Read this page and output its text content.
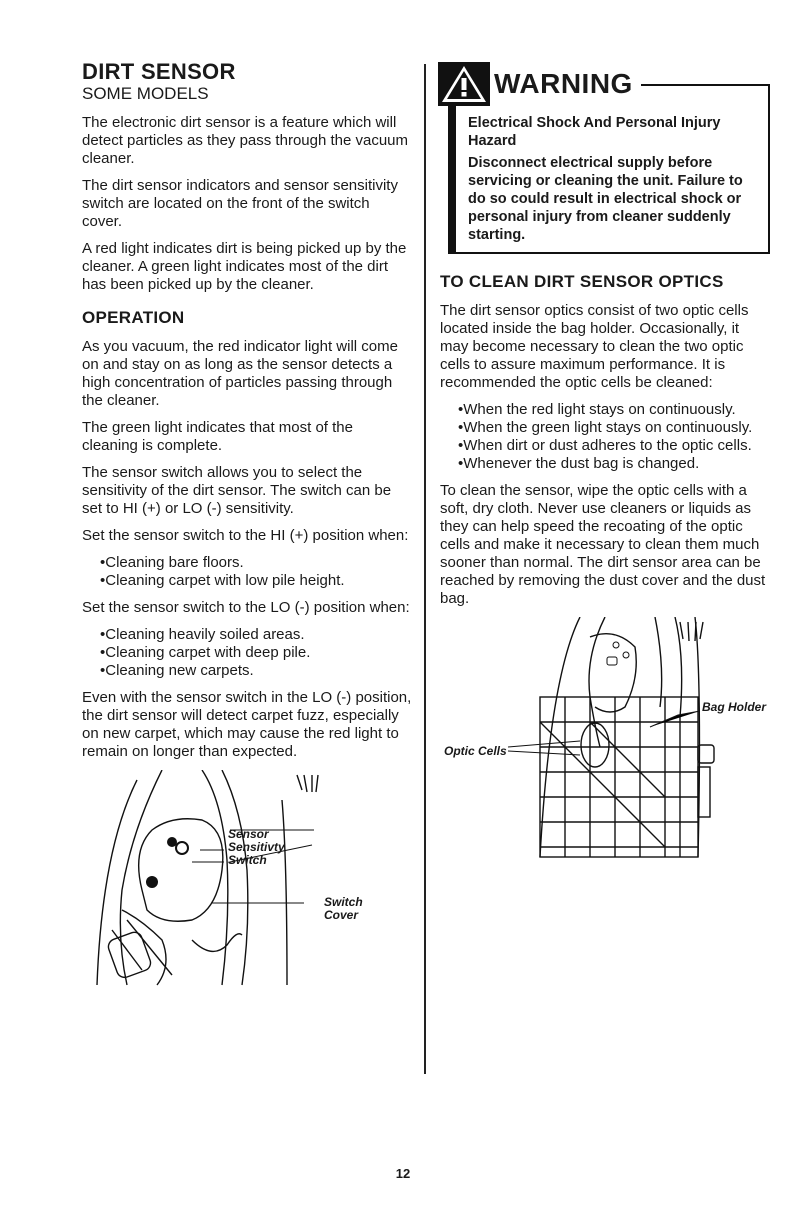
DIRT SENSOR
SOME MODELS

The electronic dirt sensor is a feature which will detect particles as they pass through the vacuum cleaner.

The dirt sensor indicators and sensor sensitivity switch are located on the front of the switch cover.

A red light indicates dirt is being picked up by the cleaner. A green light indicates most of the dirt has been picked up by the cleaner.

OPERATION

As you vacuum, the red indicator light will come on and stay on as long as the sensor detects a high concentration of particles passing through the cleaner.

The green light indicates that most of the cleaning is complete.

The sensor switch allows you to select the sensitivity of the dirt sensor. The switch can be set to HI (+) or LO (-) sensitivity.

Set the sensor switch to the HI (+) position when:

•Cleaning bare floors.
•Cleaning carpet with low pile height.

Set the sensor switch to the LO (-) position when:

•Cleaning heavily soiled areas.
•Cleaning carpet with deep pile.
•Cleaning new carpets.

Even with the sensor switch in the LO (-) position, the dirt sensor will detect carpet fuzz, especially on new carpet, which may cause the red light to remain on longer than expected.

Sensor Sensitivty Switch
Switch Cover
WARNING

Electrical Shock And Personal Injury Hazard

Disconnect electrical supply before servicing or cleaning the unit. Failure to do so could result in electrical shock or personal injury from cleaner suddenly starting.

TO CLEAN DIRT SENSOR OPTICS

The dirt sensor optics consist of two optic cells located inside the bag holder. Occasionally, it may become necessary to clean the two optic cells to assure maximum performance. It is recommended the optic cells be cleaned:

•When the red light stays on continuously.
•When the green light stays on continuously.
•When dirt or dust adheres to the optic cells.
•Whenever the dust bag is changed.

To clean the sensor, wipe the optic cells with a soft, dry cloth. Never use cleaners or liquids as they can help speed the recoating of the optic cells and make it necessary to clean them much sooner than normal. The dirt sensor area can be reached by removing the dust cover and the dust bag.

Bag Holder
Optic Cells
12
